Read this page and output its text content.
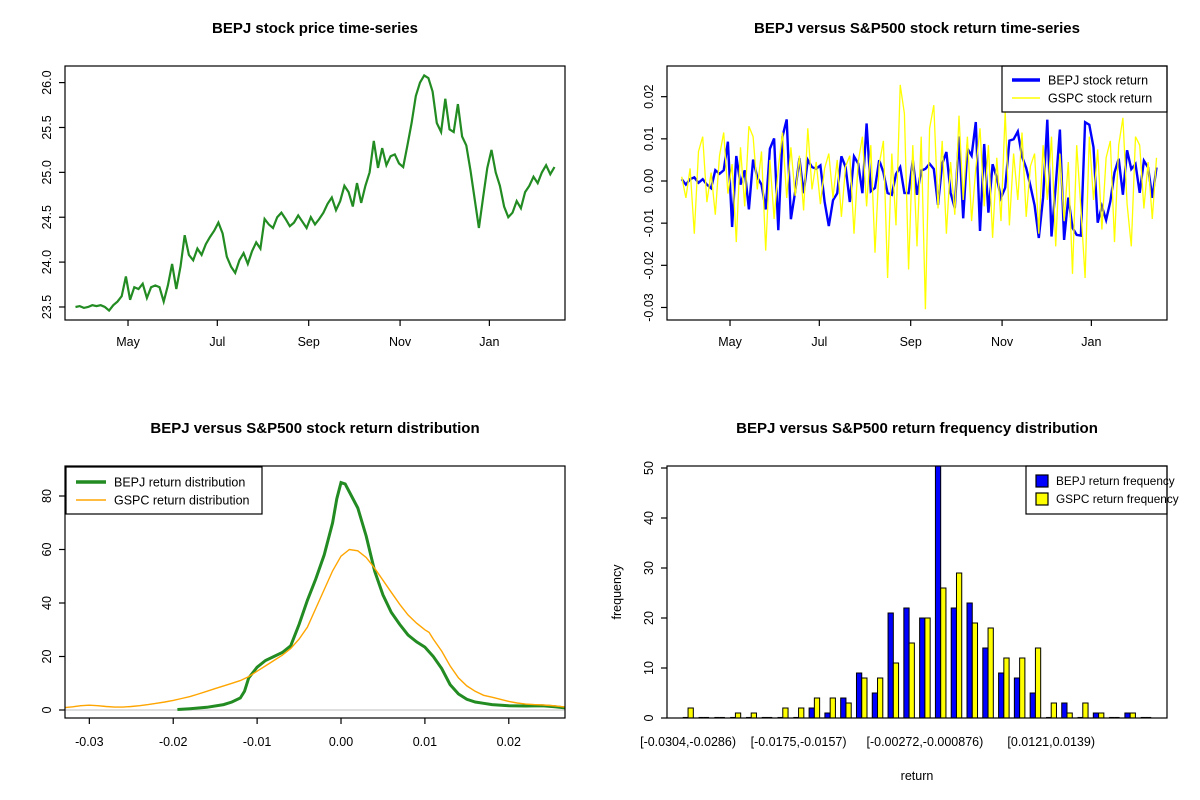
BEPJ stock price time-series
May	Jul	Sep	Nov	Jan
23.5
24.0
24.5
25.0
25.5
26.0
BEPJ versus S&P500 stock return time-series
May	Jul	Sep	Nov	Jan
-0.03
-0.02
-0.01
0.00
0.01
0.02
BEPJ stock return
GSPC stock return
BEPJ versus S&P500 stock return distribution
-0.03	-0.02	-0.01	0.00	0.01	0.02
0
20
40
60
80
BEPJ return distribution
GSPC return distribution
BEPJ versus S&P500 return frequency distribution
0
10
20
30
40
50
[-0.0304,-0.0286) [-0.0175,-0.0157) [-0.00272,-0.000876) [0.0121,0.0139)
return
frequency
BEPJ return frequency
GSPC return frequency
